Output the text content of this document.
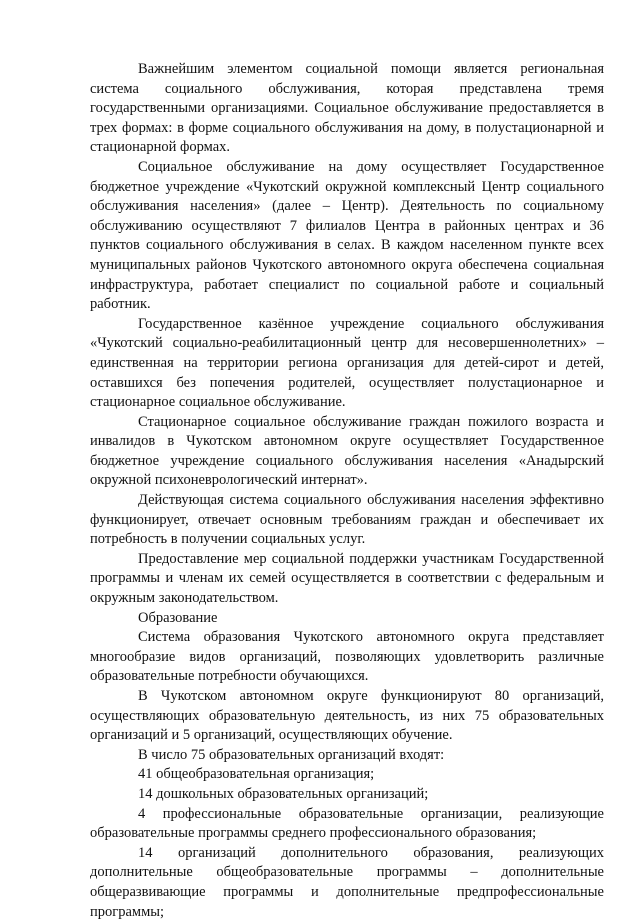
Важнейшим элементом социальной помощи является региональная система социального обслуживания, которая представлена тремя государственными организациями. Социальное обслуживание предоставляется в трех формах: в форме социального обслуживания на дому, в полустационарной и стационарной формах.

Социальное обслуживание на дому осуществляет Государственное бюджетное учреждение «Чукотский окружной комплексный Центр социального обслуживания населения» (далее – Центр). Деятельность по социальному обслуживанию осуществляют 7 филиалов Центра в районных центрах и 36 пунктов социального обслуживания в селах. В каждом населенном пункте всех муниципальных районов Чукотского автономного округа обеспечена социальная инфраструктура, работает специалист по социальной работе и социальный работник.

Государственное казённое учреждение социального обслуживания «Чукотский социально-реабилитационный центр для несовершеннолетних» – единственная на территории региона организация для детей-сирот и детей, оставшихся без попечения родителей, осуществляет полустационарное и стационарное социальное обслуживание.

Стационарное социальное обслуживание граждан пожилого возраста и инвалидов в Чукотском автономном округе осуществляет Государственное бюджетное учреждение социального обслуживания населения «Анадырский окружной психоневрологический интернат».

Действующая система социального обслуживания населения эффективно функционирует, отвечает основным требованиям граждан и обеспечивает их потребность в получении социальных услуг.

Предоставление мер социальной поддержки участникам Государственной программы и членам их семей осуществляется в соответствии с федеральным и окружным законодательством.

Образование

Система образования Чукотского автономного округа представляет многообразие видов организаций, позволяющих удовлетворить различные образовательные потребности обучающихся.

В Чукотском автономном округе функционируют 80 организаций, осуществляющих образовательную деятельность, из них 75 образовательных организаций и 5 организаций, осуществляющих обучение.

В число 75 образовательных организаций входят:

41 общеобразовательная организация;

14 дошкольных образовательных организаций;

4 профессиональные образовательные организации, реализующие образовательные программы среднего профессионального образования;

14 организаций дополнительного образования, реализующих дополнительные общеобразовательные программы – дополнительные общеразвивающие программы и дополнительные предпрофессиональные программы;
